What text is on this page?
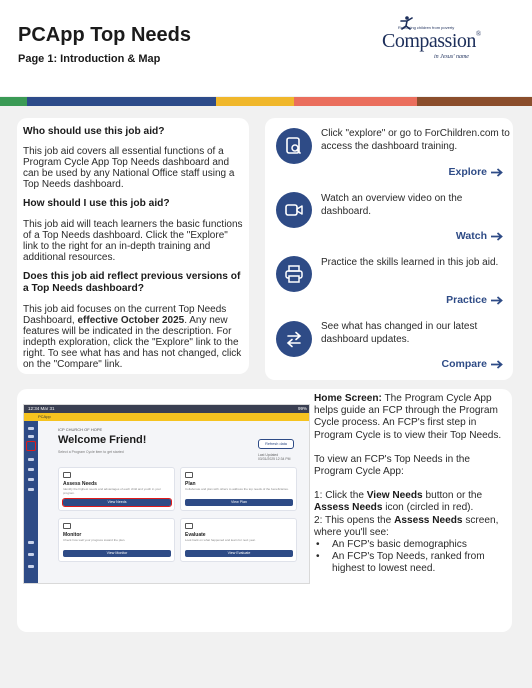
PCApp Top Needs
Page 1: Introduction & Map
Releasing children from poverty
Compassion®
in Jesus' name
Who should use this job aid?
This job aid covers all essential functions of a Program Cycle App Top Needs dashboard and can be used by any National Office staff using a Top Needs dashboard.
How should I use this job aid?
This job aid will teach learners the basic functions of a Top Needs dashboard. Click the "Explore" link to the right for an in-depth training and additional resources.
Does this job aid reflect previous versions of a Top Needs dashboard?
This job aid focuses on the current Top Needs Dashboard, effective October 2025. Any new features will be indicated in the description. For indepth exploration, click the "Explore" link to the right. To see what has and has not changed, click on the "Compare" link.
Click "explore" or go to ForChildren.com to access the dashboard training.
Explore
Watch an overview video on the dashboard.
Watch
Practice the skills learned in this job aid.
Practice
See what has changed in our latest dashboard updates.
Compare
12:34 Mar 31	99%
PCApp
ICP CHURCH OF HOPE
Welcome Friend!
Select a Program Cycle item to get started
Refresh data
Last Updated
03/31/2025 12:34 PM
Assess Needs
Identify the highest needs and advantages of each child and youth in your program.
View Needs
Plan
Collaborate and plan with others to address the top needs of the beneficiaries.
View Plan
Monitor
Check how well your progress toward the plan.
View Monitor
Evaluate
Look back on what happened and learn for next year.
View Evaluate
Home Screen: The Program Cycle App helps guide an FCP through the Program Cycle process. An FCP's first step in Program Cycle is to view their Top Needs.
To view an FCP's Top Needs in the Program Cycle App:
1: Click the View Needs button or the Assess Needs icon (circled in red).
2: This opens the Assess Needs screen, where you'll see:
•	An FCP's basic demographics
•	An FCP's Top Needs, ranked from highest to lowest need.
